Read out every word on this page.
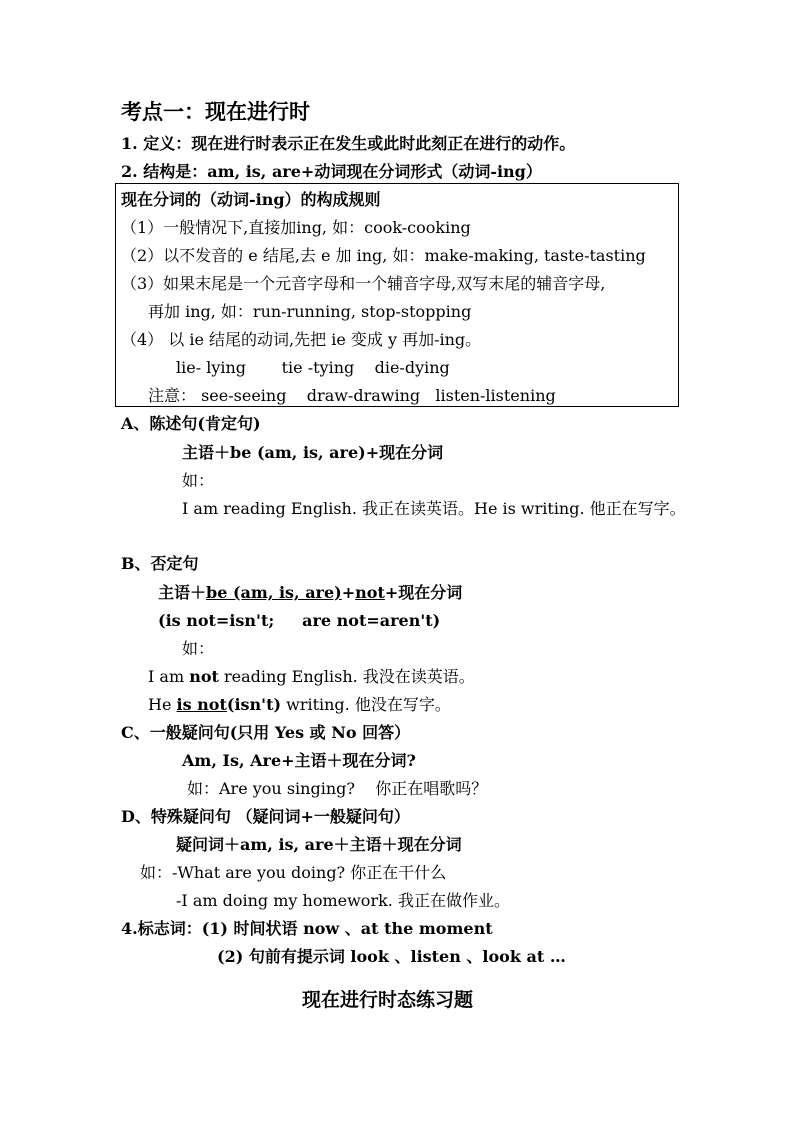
考点一：现在进行时
1. 定义：现在进行时表示正在发生或此时此刻正在进行的动作。
2. 结构是：am, is, are+动词现在分词形式（动词-ing）
现在分词的（动词-ing）的构成规则
（1）一般情况下,直接加ing, 如：cook-cooking
（2）以不发音的 e 结尾,去 e 加 ing, 如：make-making, taste-tasting
（3）如果末尾是一个元音字母和一个辅音字母,双写末尾的辅音字母,
再加 ing, 如：run-running, stop-stopping
（4） 以 ie 结尾的动词,先把 ie 变成 y 再加-ing。
lie- lying       tie -tying    die-dying
注意： see-seeing    draw-drawing   listen-listening
A、陈述句(肯定句)
主语＋be (am, is, are)+现在分词
如：
I am reading English. 我正在读英语。He is writing. 他正在写字。
B、否定句
主语＋be (am, is, are)+not+现在分词
(is not=isn't;     are not=aren't)
如：
I am not reading English. 我没在读英语。
He is not(isn't) writing. 他没在写字。
C、一般疑问句(只用 Yes 或 No 回答）
Am, Is, Are+主语＋现在分词?
如：Are you singing?    你正在唱歌吗？
D、特殊疑问句 （疑问词+一般疑问句）
疑问词＋am, is, are＋主语＋现在分词
如：-What are you doing? 你正在干什么
-I am doing my homework. 我正在做作业。
4.标志词：(1) 时间状语 now 、at the moment
(2) 句前有提示词 look 、listen 、look at …
现在进行时态练习题
